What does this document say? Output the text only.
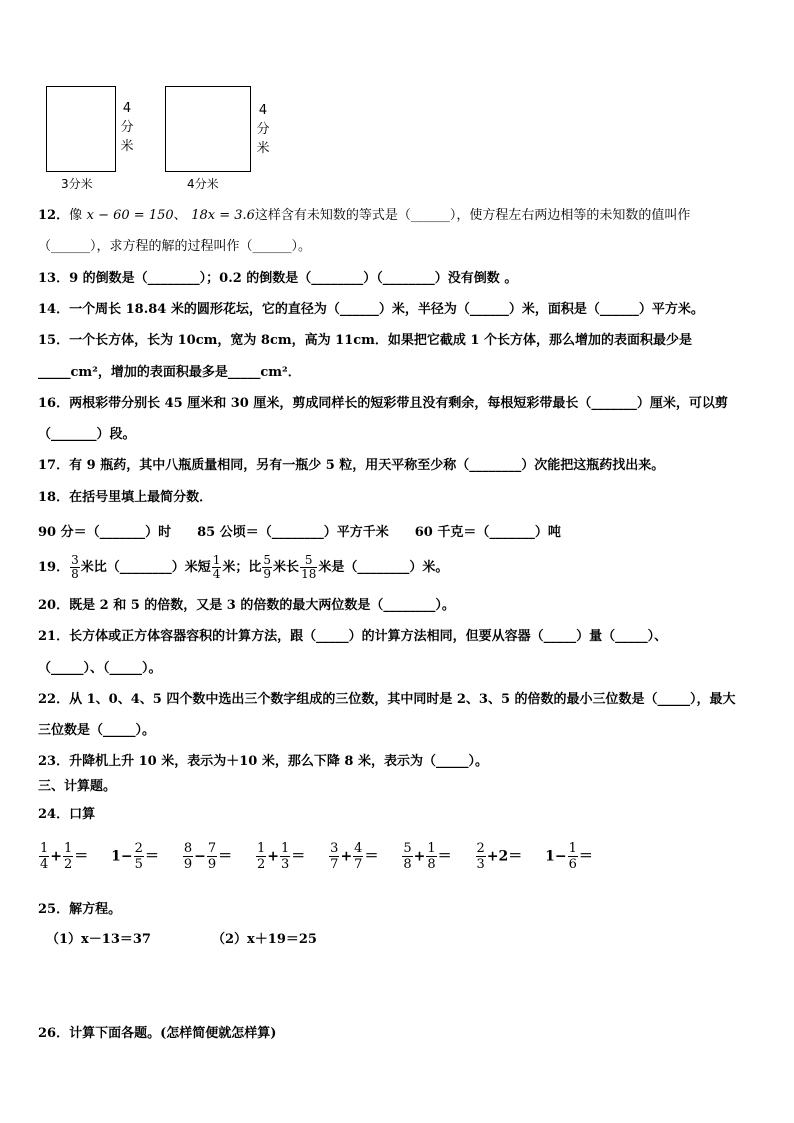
4
分
米
3分米
4
分
米
4分米
12．像 x − 60 = 150、 18x = 3.6这样含有未知数的等式是（______），使方程左右两边相等的未知数的值叫作
（______），求方程的解的过程叫作（______）。
13．9 的倒数是（________）；0.2 的倒数是（________）（________）没有倒数 。
14．一个周长 18.84 米的圆形花坛，它的直径为（______）米，半径为（______）米，面积是（______）平方米。
15．一个长方体，长为 10cm，宽为 8cm，高为 11cm．如果把它截成 1 个长方体，那么增加的表面积最少是
_____cm²，增加的表面积最多是_____cm²．
16．两根彩带分别长 45 厘米和 30 厘米，剪成同样长的短彩带且没有剩余，每根短彩带最长（_______）厘米，可以剪
（_______）段。
17．有 9 瓶药，其中八瓶质量相同，另有一瓶少 5 粒，用天平称至少称（________）次能把这瓶药找出来。
18．在括号里填上最简分数．
90 分＝（_______）时　　85 公顷＝（________）平方千米　　60 千克＝（_______）吨
19． $\frac{3}{8}$ 米比（________）米短 $\frac{1}{4}$ 米；比 $\frac{5}{9}$ 米长 $\frac{5}{18}$ 米是（________）米。
20．既是 2 和 5 的倍数，又是 3 的倍数的最大两位数是（________）。
21．长方体或正方体容器容积的计算方法，跟（_____）的计算方法相同，但要从容器（_____）量（_____）、
（_____）、（_____）。
22．从 1、0、4、5 四个数中选出三个数字组成的三位数，其中同时是 2、3、5 的倍数的最小三位数是（_____），最大
三位数是（_____）。
23．升降机上升 10 米，表示为＋10 米，那么下降 8 米，表示为（_____）。
三、计算题。
24．口算
$\frac{1}{4} + \frac{1}{2} = 1- \frac{2}{5} = \frac{8}{9} - \frac{7}{9} = \frac{1}{2} + \frac{1}{3} = \frac{3}{7} + \frac{4}{7} = \frac{5}{8} + \frac{1}{8} = \frac{2}{3} +2= 1- \frac{1}{6}$ ＝
25．解方程。
（1）x－13＝37	（2）x＋19＝25
26．计算下面各题。(怎样简便就怎样算)
